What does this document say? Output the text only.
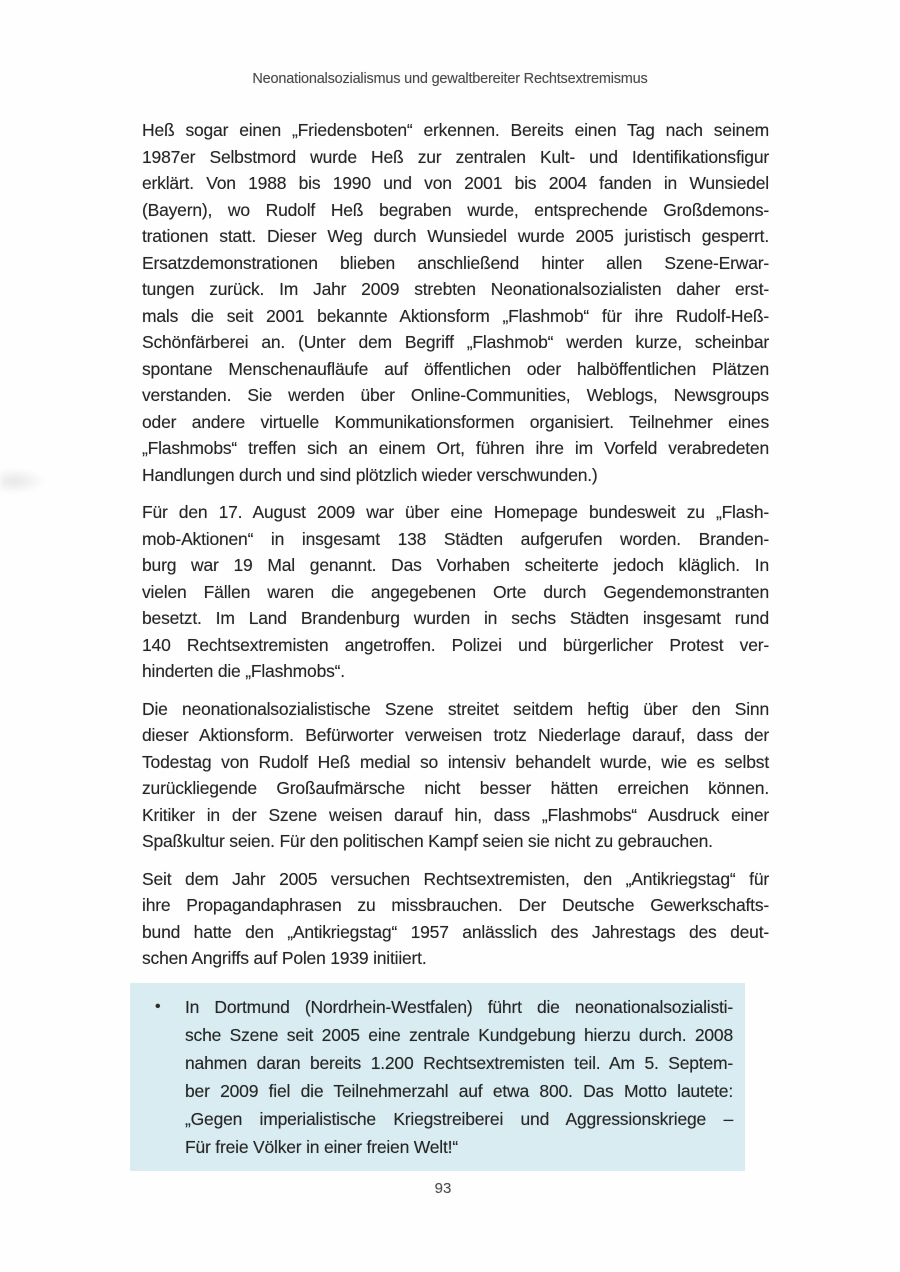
Neonationalsozialismus und gewaltbereiter Rechtsextremismus
Heß sogar einen „Friedensboten“ erkennen. Bereits einen Tag nach seinem
1987er Selbstmord wurde Heß zur zentralen Kult- und Identifikationsfigur
erklärt. Von 1988 bis 1990 und von 2001 bis 2004 fanden in Wunsiedel
(Bayern), wo Rudolf Heß begraben wurde, entsprechende Großdemons-
trationen statt. Dieser Weg durch Wunsiedel wurde 2005 juristisch gesperrt.
Ersatzdemonstrationen blieben anschließend hinter allen Szene-Erwar-
tungen zurück. Im Jahr 2009 strebten Neonationalsozialisten daher erst-
mals die seit 2001 bekannte Aktionsform „Flashmob“ für ihre Rudolf-Heß-
Schönfärberei an. (Unter dem Begriff „Flashmob“ werden kurze, scheinbar
spontane Menschenaufläufe auf öffentlichen oder halböffentlichen Plätzen
verstanden. Sie werden über Online-Communities, Weblogs, Newsgroups
oder andere virtuelle Kommunikationsformen organisiert. Teilnehmer eines
„Flashmobs“ treffen sich an einem Ort, führen ihre im Vorfeld verabredeten
Handlungen durch und sind plötzlich wieder verschwunden.)
Für den 17. August 2009 war über eine Homepage bundesweit zu „Flash-
mob-Aktionen“ in insgesamt 138 Städten aufgerufen worden. Branden-
burg war 19 Mal genannt. Das Vorhaben scheiterte jedoch kläglich. In
vielen Fällen waren die angegebenen Orte durch Gegendemonstranten
besetzt. Im Land Brandenburg wurden in sechs Städten insgesamt rund
140 Rechtsextremisten angetroffen. Polizei und bürgerlicher Protest ver-
hinderten die „Flashmobs“.
Die neonationalsozialistische Szene streitet seitdem heftig über den Sinn
dieser Aktionsform. Befürworter verweisen trotz Niederlage darauf, dass der
Todestag von Rudolf Heß medial so intensiv behandelt wurde, wie es selbst
zurückliegende Großaufmärsche nicht besser hätten erreichen können.
Kritiker in der Szene weisen darauf hin, dass „Flashmobs“ Ausdruck einer
Spaßkultur seien. Für den politischen Kampf seien sie nicht zu gebrauchen.
Seit dem Jahr 2005 versuchen Rechtsextremisten, den „Antikriegstag“ für
ihre Propagandaphrasen zu missbrauchen. Der Deutsche Gewerkschafts-
bund hatte den „Antikriegstag“ 1957 anlässlich des Jahrestags des deut-
schen Angriffs auf Polen 1939 initiiert.
•	In Dortmund (Nordrhein-Westfalen) führt die neonationalsozialisti-
sche Szene seit 2005 eine zentrale Kundgebung hierzu durch. 2008
nahmen daran bereits 1.200 Rechtsextremisten teil. Am 5. Septem-
ber 2009 fiel die Teilnehmerzahl auf etwa 800. Das Motto lautete:
„Gegen imperialistische Kriegstreiberei und Aggressionskriege –
Für freie Völker in einer freien Welt!“
93
